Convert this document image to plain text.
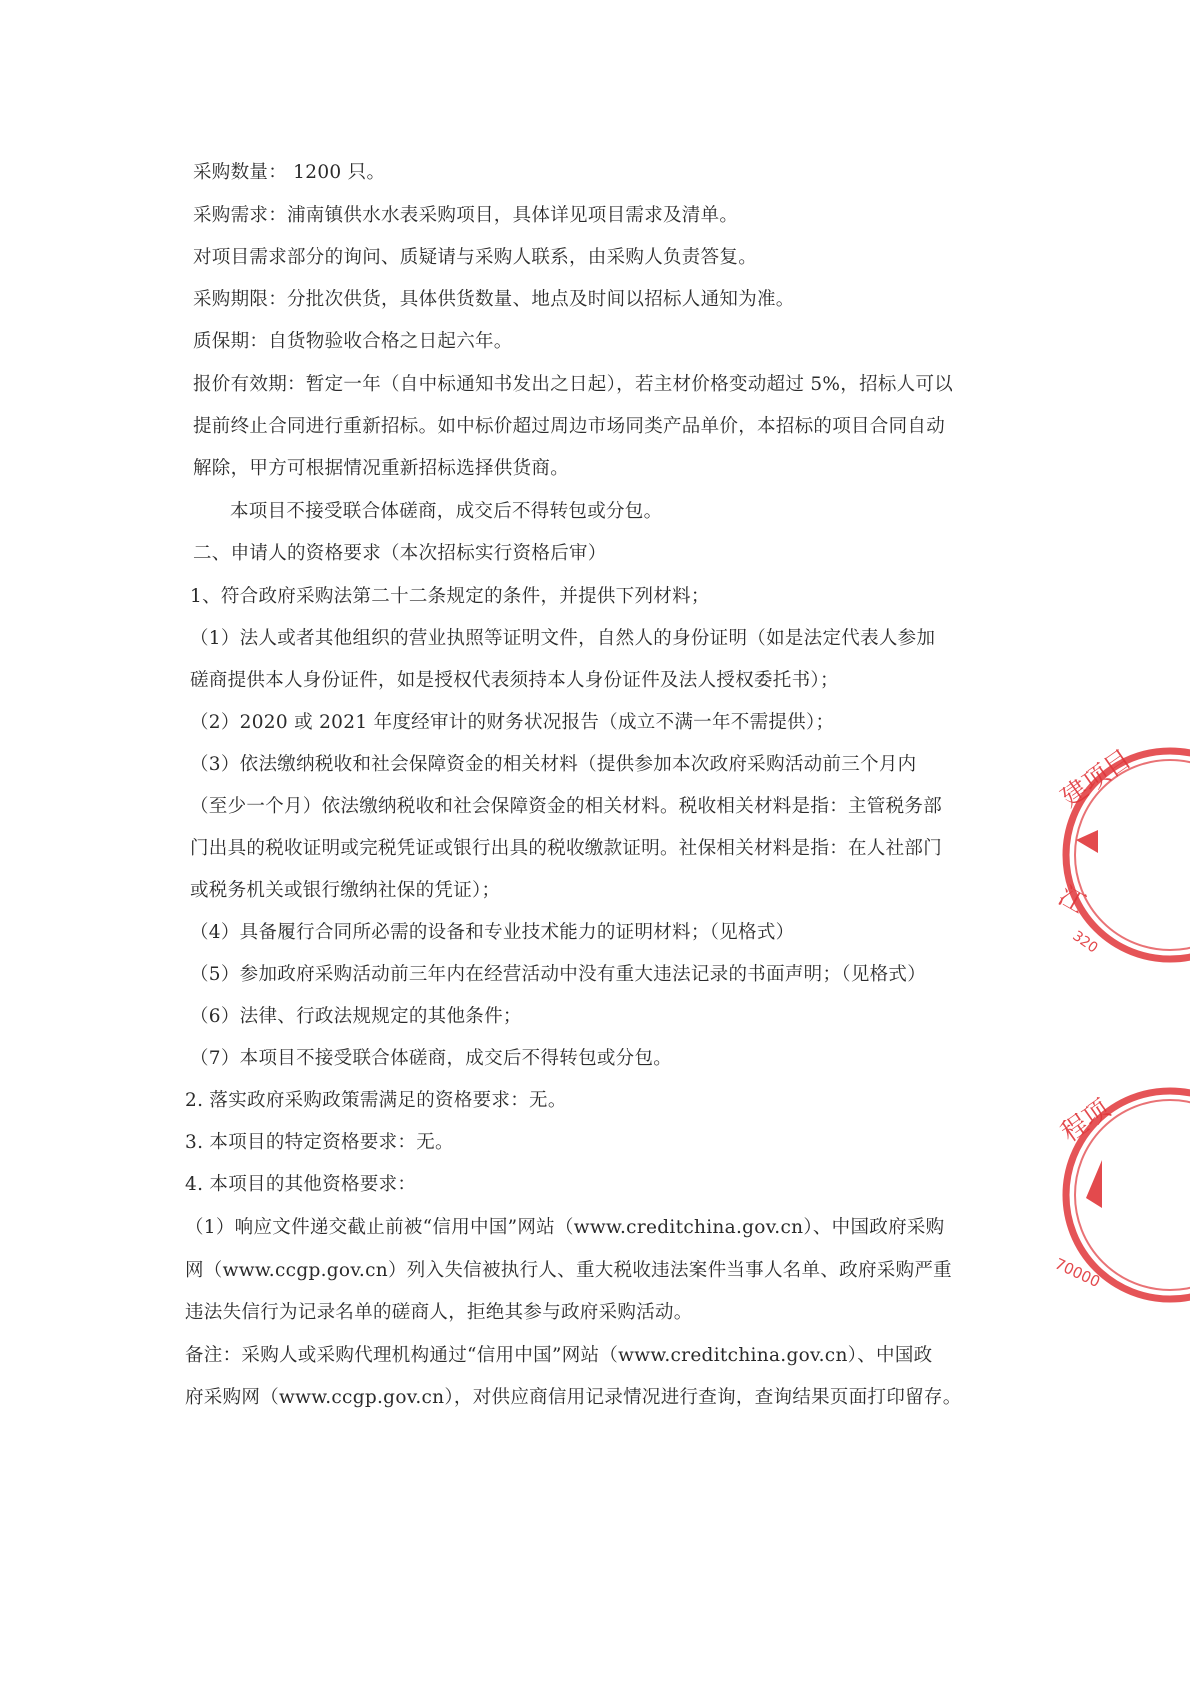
采购数量： 1200 只。

采购需求：浦南镇供水水表采购项目，具体详见项目需求及清单。

对项目需求部分的询问、质疑请与采购人联系，由采购人负责答复。

采购期限：分批次供货，具体供货数量、地点及时间以招标人通知为准。

质保期：自货物验收合格之日起六年。

报价有效期：暂定一年（自中标通知书发出之日起），若主材价格变动超过 5%，招标人可以

提前终止合同进行重新招标。如中标价超过周边市场同类产品单价，本招标的项目合同自动

解除，甲方可根据情况重新招标选择供货商。

本项目不接受联合体磋商，成交后不得转包或分包。

二、申请人的资格要求（本次招标实行资格后审）

1、符合政府采购法第二十二条规定的条件，并提供下列材料；

（1）法人或者其他组织的营业执照等证明文件，自然人的身份证明（如是法定代表人参加

磋商提供本人身份证件，如是授权代表须持本人身份证件及法人授权委托书）；

（2）2020 或 2021 年度经审计的财务状况报告（成立不满一年不需提供）；

（3）依法缴纳税收和社会保障资金的相关材料（提供参加本次政府采购活动前三个月内

（至少一个月）依法缴纳税收和社会保障资金的相关材料。税收相关材料是指：主管税务部

门出具的税收证明或完税凭证或银行出具的税收缴款证明。社保相关材料是指：在人社部门

或税务机关或银行缴纳社保的凭证）；

（4）具备履行合同所必需的设备和专业技术能力的证明材料；（见格式）

（5）参加政府采购活动前三年内在经营活动中没有重大违法记录的书面声明；（见格式）

（6）法律、行政法规规定的其他条件；

（7）本项目不接受联合体磋商，成交后不得转包或分包。

2. 落实政府采购政策需满足的资格要求：无。

3. 本项目的特定资格要求：无。

4. 本项目的其他资格要求：

（1）响应文件递交截止前被“信用中国”网站（www.creditchina.gov.cn）、中国政府采购

网（www.ccgp.gov.cn）列入失信被执行人、重大税收违法案件当事人名单、政府采购严重

违法失信行为记录名单的磋商人，拒绝其参与政府采购活动。

备注：采购人或采购代理机构通过“信用中国”网站（www.creditchina.gov.cn）、中国政

府采购网（www.ccgp.gov.cn），对供应商信用记录情况进行查询，查询结果页面打印留存。

建项目
江
320
程项
70000
